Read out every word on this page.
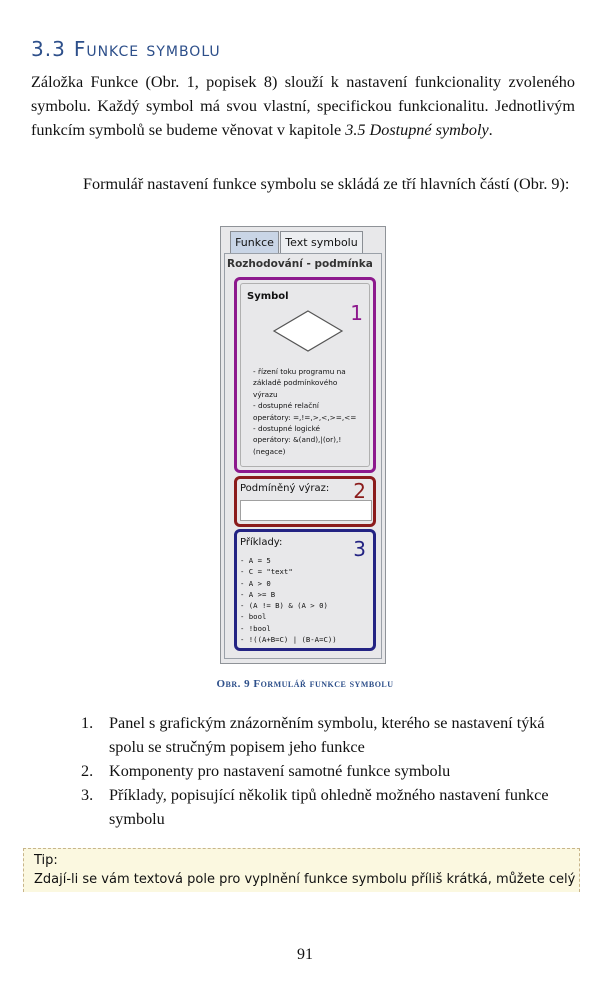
3.3 Funkce symbolu
Záložka Funkce (Obr. 1, popisek 8) slouží k nastavení funkcionality zvoleného symbolu. Každý symbol má svou vlastní, specifickou funkcionalitu. Jednotlivým funkcím symbolů se budeme věnovat v kapitole 3.5 Dostupné symboly.
Formulář nastavení funkce symbolu se skládá ze tří hlavních částí (Obr. 9):
Funkce	Text symbolu
Rozhodování - podmínka
Symbol
- řízení toku programu na
základě podmínkového
výrazu
- dostupné relační
operátory: =,!=,>,<,>=,<=
- dostupné logické
operátory: &(and),|(or),!
(negace)
1
Podmíněný výraz: 2
Příklady:
- A = 5
- C = "text"
- A > 0
- A >= B
- (A != B) & (A > 0)
- bool
- !bool
- !((A+B=C) | (B-A=C))
3
Obr. 9 Formulář funkce symbolu
1. Panel s grafickým znázorněním symbolu, kterého se nastavení týká spolu se stručným popisem jeho funkce
2. Komponenty pro nastavení samotné funkce symbolu
3. Příklady, popisující několik tipů ohledně možného nastavení funkce symbolu
Tip:
Zdají-li se vám textová pole pro vyplnění funkce symbolu příliš krátká, můžete celý
91
